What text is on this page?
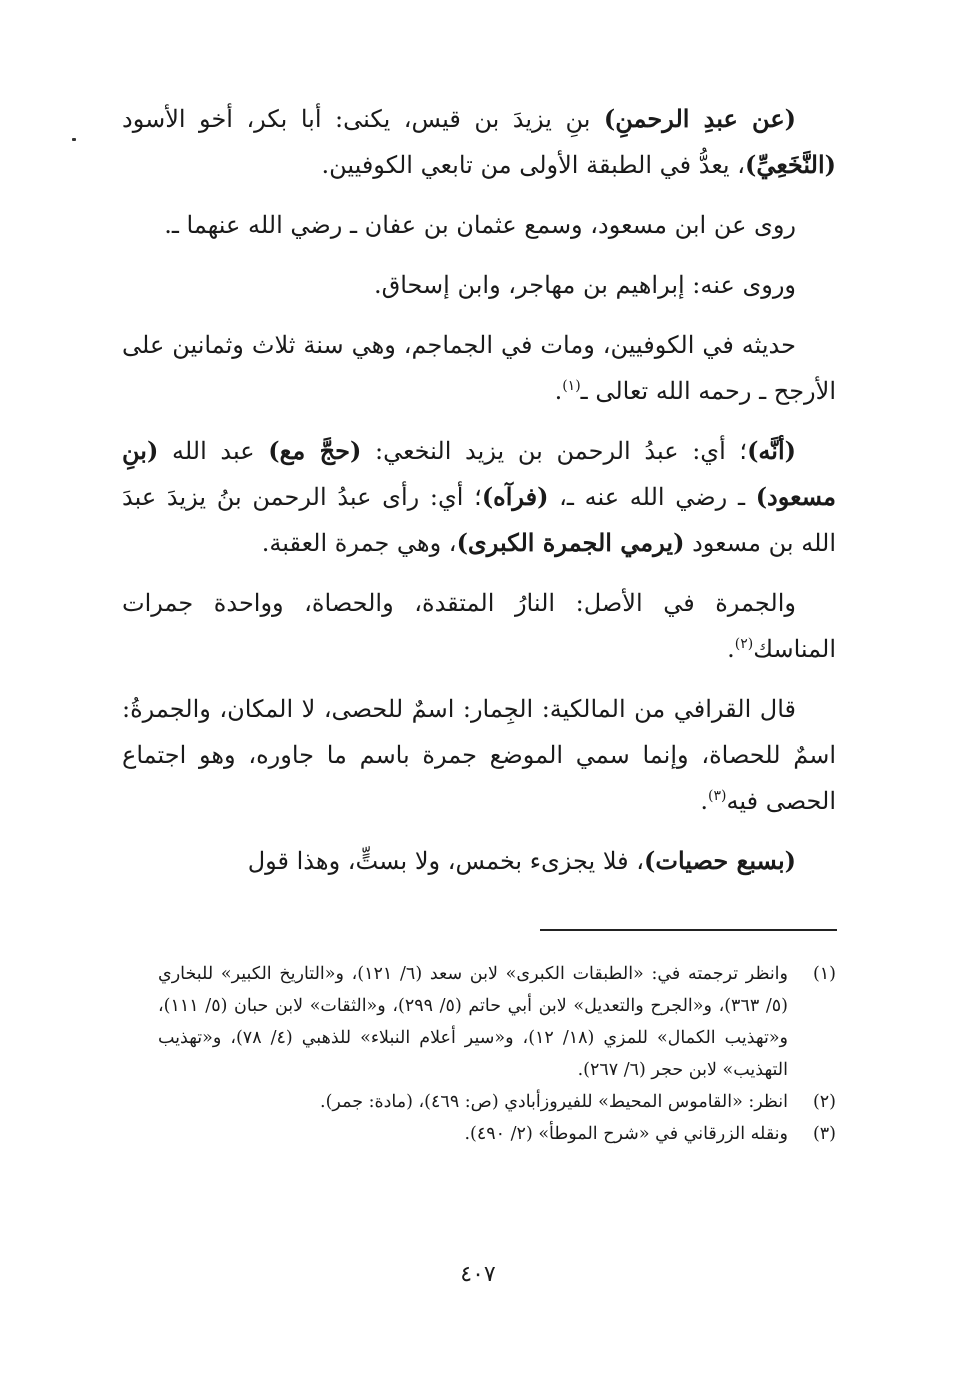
(عن عبدِ الرحمنِ) بنِ يزيدَ بن قيس، يكنى: أبا بكر، أخو الأسود (النَّخَعِيِّ)، يعدُّ في الطبقة الأولى من تابعي الكوفيين.

روى عن ابن مسعود، وسمع عثمان بن عفان ـ رضي الله عنهما ـ.

وروى عنه: إبراهيم بن مهاجر، وابن إسحاق.

حديثه في الكوفيين، ومات في الجماجم، وهي سنة ثلاث وثمانين على الأرجح ـ رحمه الله تعالى ـ$^{(١)}$.

(أنَّه)؛ أي: عبدُ الرحمن بن يزيد النخعي: (حجَّ مع) عبد الله (بنِ مسعود) ـ رضي الله عنه ـ، (فرآه)؛ أي: رأى عبدُ الرحمن بنُ يزيدَ عبدَ الله بن مسعود (يرمي الجمرة الكبرى)، وهي جمرة العقبة.

والجمرة في الأصل: النارُ المتقدة، والحصاة، وواحدة جمرات المناسك$^{(٢)}$.

قال القرافي من المالكية: الجِمار: اسمٌ للحصى، لا المكان، والجمرةُ: اسمٌ للحصاة، وإنما سمي الموضع جمرة باسم ما جاوره، وهو اجتماع الحصى فيه$^{(٣)}$.

(بسبع حصيات)، فلا يجزىء بخمس، ولا بستٍّ، وهذا قول

(١)
وانظر ترجمته في: «الطبقات الكبرى» لابن سعد (٦/ ١٢١)، و«التاريخ الكبير» للبخاري (٥/ ٣٦٣)، و«الجرح والتعديل» لابن أبي حاتم (٥/ ٢٩٩)، و«الثقات» لابن حبان (٥/ ١١١)، و«تهذيب الكمال» للمزي (١٨/ ١٢)، و«سير أعلام النبلاء» للذهبي (٤/ ٧٨)، و«تهذيب التهذيب» لابن حجر (٦/ ٢٦٧).
(٢)
انظر: «القاموس المحيط» للفيروزأبادي (ص: ٤٦٩)، (مادة: جمر).
(٣)
ونقله الزرقاني في «شرح الموطأ» (٢/ ٤٩٠).
٤٠٧
